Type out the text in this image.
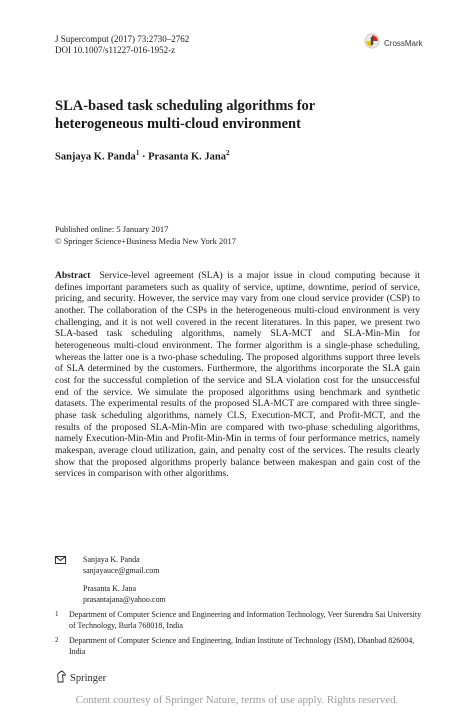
J Supercomput (2017) 73:2730–2762
DOI 10.1007/s11227-016-1952-z
CrossMark
SLA-based task scheduling algorithms for
heterogeneous multi-cloud environment
Sanjaya K. Panda$^1$ · Prasanta K. Jana$^2$
Published online: 5 January 2017
© Springer Science+Business Media New York 2017
Abstract Service-level agreement (SLA) is a major issue in cloud computing because it defines important parameters such as quality of service, uptime, downtime, period of service, pricing, and security. However, the service may vary from one cloud service provider (CSP) to another. The collaboration of the CSPs in the heterogeneous multi-cloud environment is very challenging, and it is not well covered in the recent literatures. In this paper, we present two SLA-based task scheduling algorithms, namely SLA-MCT and SLA-Min-Min for heterogeneous multi-cloud environment. The former algorithm is a single-phase scheduling, whereas the latter one is a two-phase scheduling. The proposed algorithms support three levels of SLA determined by the customers. Furthermore, the algorithms incorporate the SLA gain cost for the successful completion of the service and SLA violation cost for the unsuccessful end of the service. We simulate the proposed algorithms using benchmark and synthetic datasets. The experimental results of the proposed SLA-MCT are compared with three single-phase task scheduling algorithms, namely CLS, Execution-MCT, and Profit-MCT, and the results of the proposed SLA-Min-Min are compared with two-phase scheduling algorithms, namely Execution-Min-Min and Profit-Min-Min in terms of four performance metrics, namely makespan, average cloud utilization, gain, and penalty cost of the services. The results clearly show that the proposed algorithms properly balance between makespan and gain cost of the services in comparison with other algorithms.
Sanjaya K. Panda
sanjayauce@gmail.com
Prasanta K. Jana
prasantajana@yahoo.com
1 Department of Computer Science and Engineering and Information Technology, Veer Surendra Sai University of Technology, Burla 768018, India
2 Department of Computer Science and Engineering, Indian Institute of Technology (ISM), Dhanbad 826004, India
Springer
Content courtesy of Springer Nature, terms of use apply. Rights reserved.
